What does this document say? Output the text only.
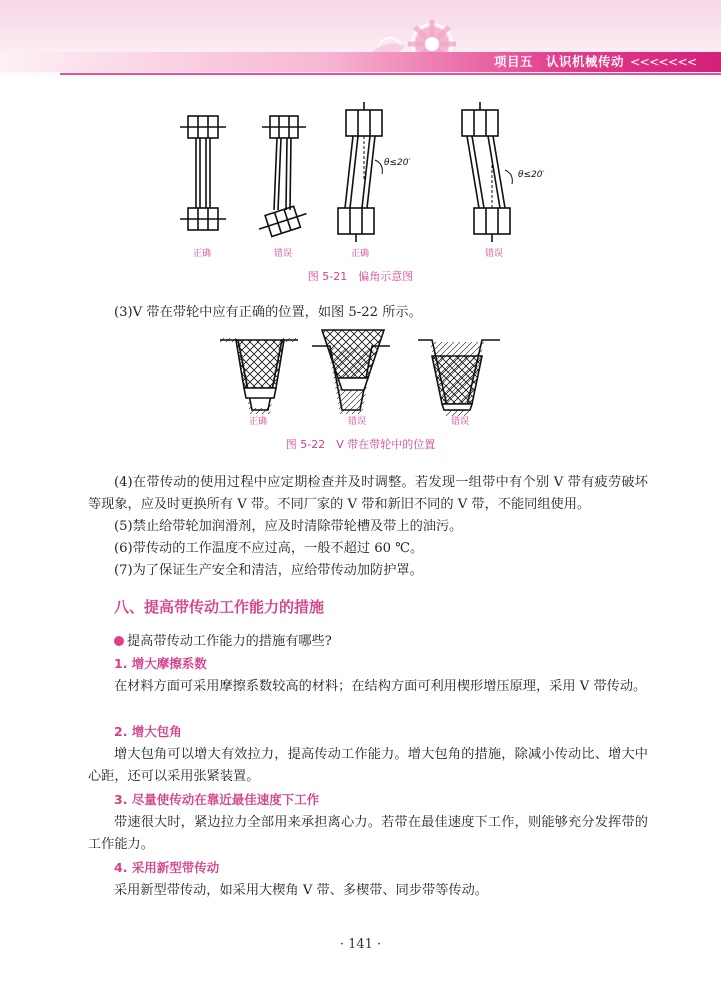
项目五　认识机械传动 <<<<<<<
θ≤20′
θ≤20′
正确	错误	正确	错误
图 5-21　偏角示意图
(3)V 带在带轮中应有正确的位置，如图 5-22 所示。
正确	错误	错误
图 5-22　V 带在带轮中的位置
(4)在带传动的使用过程中应定期检查并及时调整。若发现一组带中有个别 V 带有疲劳破坏等现象，应及时更换所有 V 带。不同厂家的 V 带和新旧不同的 V 带，不能同组使用。
(5)禁止给带轮加润滑剂，应及时清除带轮槽及带上的油污。
(6)带传动的工作温度不应过高，一般不超过 60 ℃。
(7)为了保证生产安全和清洁，应给带传动加防护罩。
八、提高带传动工作能力的措施
提高带传动工作能力的措施有哪些?
1. 增大摩擦系数
在材料方面可采用摩擦系数较高的材料；在结构方面可利用楔形增压原理，采用 V 带传动。
2. 增大包角
增大包角可以增大有效拉力，提高传动工作能力。增大包角的措施，除减小传动比、增大中心距，还可以采用张紧装置。
3. 尽量使传动在靠近最佳速度下工作
带速很大时，紧边拉力全部用来承担离心力。若带在最佳速度下工作，则能够充分发挥带的工作能力。
4. 采用新型带传动
采用新型带传动，如采用大楔角 V 带、多楔带、同步带等传动。
· 141 ·
